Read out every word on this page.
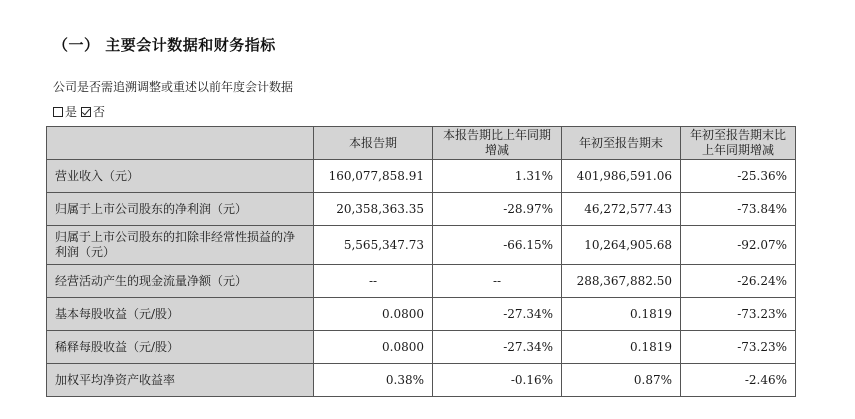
（一） 主要会计数据和财务指标
公司是否需追溯调整或重述以前年度会计数据
是 否
	本报告期	本报告期比上年同期增减	年初至报告期末	年初至报告期末比上年同期增减
营业收入（元）	160,077,858.91	1.31%	401,986,591.06	-25.36%
归属于上市公司股东的净利润（元）	20,358,363.35	-28.97%	46,272,577.43	-73.84%
归属于上市公司股东的扣除非经常性损益的净利润（元）	5,565,347.73	-66.15%	10,264,905.68	-92.07%
经营活动产生的现金流量净额（元）	--	--	288,367,882.50	-26.24%
基本每股收益（元/股）	0.0800	-27.34%	0.1819	-73.23%
稀释每股收益（元/股）	0.0800	-27.34%	0.1819	-73.23%
加权平均净资产收益率	0.38%	-0.16%	0.87%	-2.46%
